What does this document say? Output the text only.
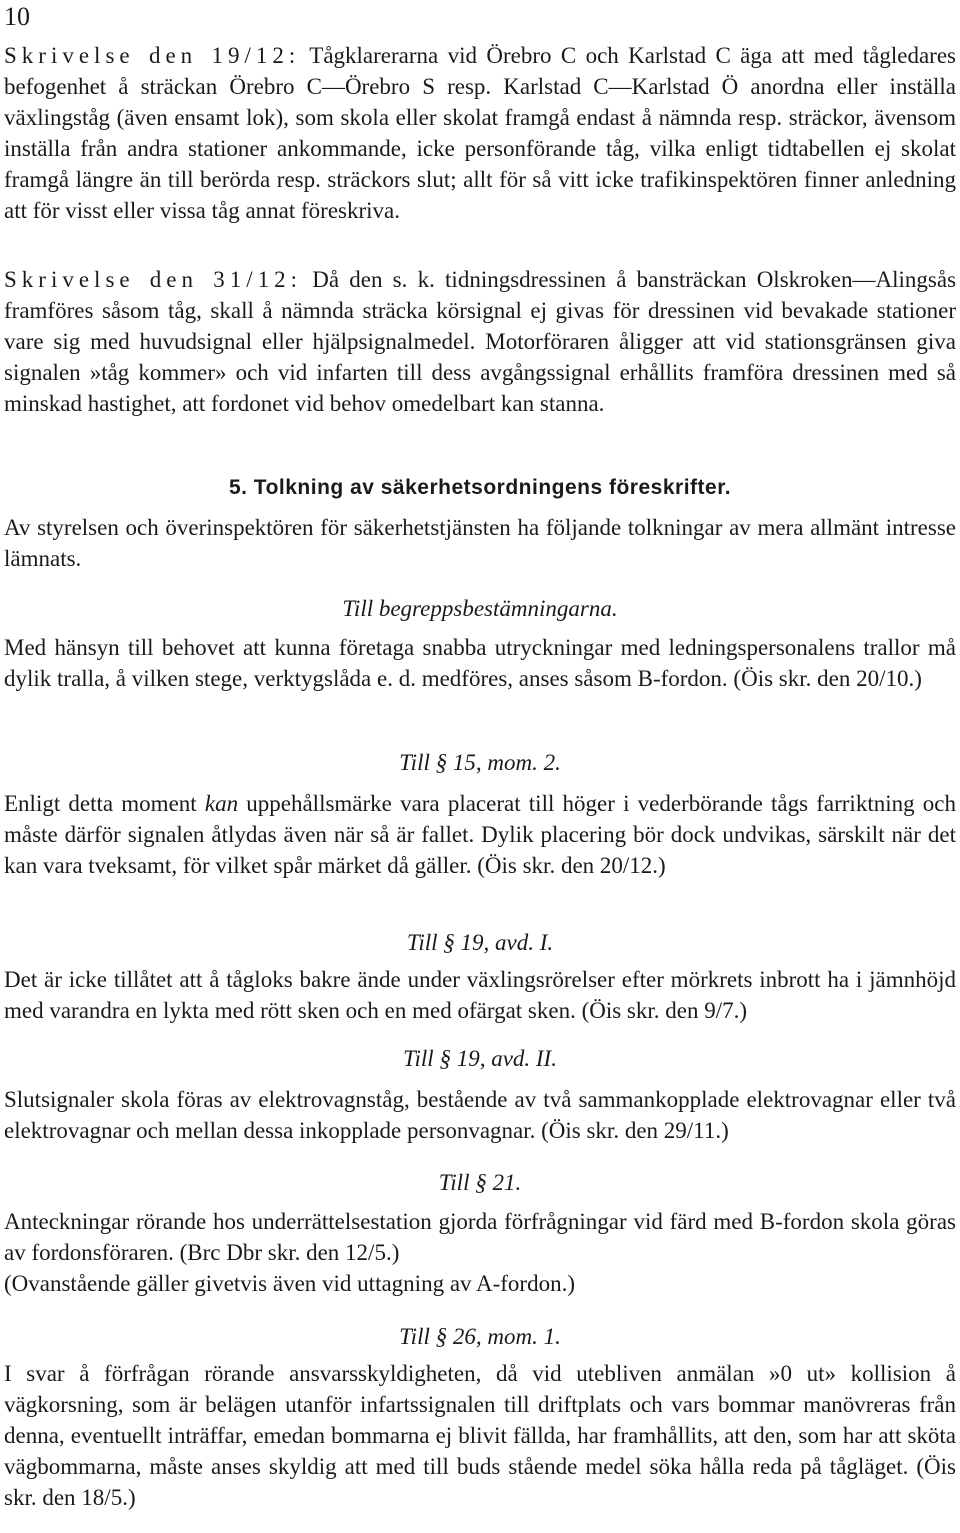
10

Skrivelse den 19/12: Tågklarerarna vid Örebro C och Karlstad C äga att med tågledares befogenhet å sträckan Örebro C—Örebro S resp. Karlstad C—Karlstad Ö anordna eller inställa växlingståg (även ensamt lok), som skola eller skolat framgå endast å nämnda resp. sträckor, ävensom inställa från andra stationer ankommande, icke personförande tåg, vilka enligt tidtabellen ej skolat framgå längre än till berörda resp. sträckors slut; allt för så vitt icke trafikinspektören finner anledning att för visst eller vissa tåg annat föreskriva.

Skrivelse den 31/12: Då den s. k. tidningsdressinen å bansträckan Olskroken—Alingsås framföres såsom tåg, skall å nämnda sträcka körsignal ej givas för dressinen vid bevakade stationer vare sig med huvudsignal eller hjälpsignalmedel. Motorföraren åligger att vid stationsgränsen giva signalen »tåg kommer» och vid infarten till dess avgångssignal erhållits framföra dressinen med så minskad hastighet, att fordonet vid behov omedelbart kan stanna.

5. Tolkning av säkerhetsordningens föreskrifter.

Av styrelsen och överinspektören för säkerhetstjänsten ha följande tolkningar av mera allmänt intresse lämnats.

Till begreppsbestämningarna.

Med hänsyn till behovet att kunna företaga snabba utryckningar med ledningspersonalens trallor må dylik tralla, å vilken stege, verktygslåda e. d. medföres, anses såsom B-fordon. (Öis skr. den 20/10.)

Till § 15, mom. 2.

Enligt detta moment kan uppehållsmärke vara placerat till höger i vederbörande tågs farriktning och måste därför signalen åtlydas även när så är fallet. Dylik placering bör dock undvikas, särskilt när det kan vara tveksamt, för vilket spår märket då gäller. (Öis skr. den 20/12.)

Till § 19, avd. I.

Det är icke tillåtet att å tågloks bakre ände under växlingsrörelser efter mörkrets inbrott ha i jämnhöjd med varandra en lykta med rött sken och en med ofärgat sken. (Öis skr. den 9/7.)

Till § 19, avd. II.

Slutsignaler skola föras av elektrovagnståg, bestående av två sammankopplade elektrovagnar eller två elektrovagnar och mellan dessa inkopplade personvagnar. (Öis skr. den 29/11.)

Till § 21.

Anteckningar rörande hos underrättelsestation gjorda förfrågningar vid färd med B-fordon skola göras av fordonsföraren. (Brc Dbr skr. den 12/5.)

(Ovanstående gäller givetvis även vid uttagning av A-fordon.)

Till § 26, mom. 1.

I svar å förfrågan rörande ansvarsskyldigheten, då vid utebliven anmälan »0 ut» kollision å vägkorsning, som är belägen utanför infartssignalen till driftplats och vars bommar manövreras från denna, eventuellt inträffar, emedan bommarna ej blivit fällda, har framhållits, att den, som har att sköta vägbommarna, måste anses skyldig att med till buds stående medel söka hålla reda på tågläget. (Öis skr. den 18/5.)
